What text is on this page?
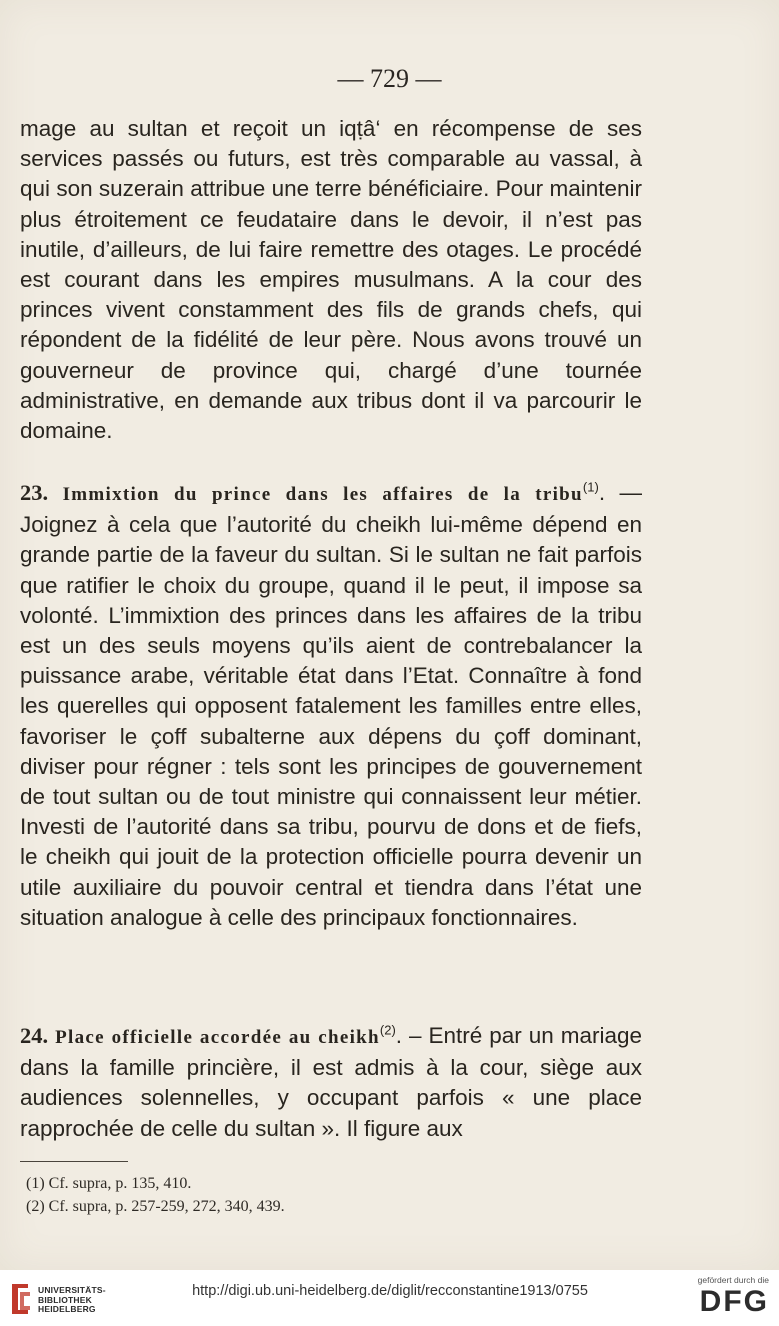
— 729 —

mage au sultan et reçoit un iqṭâ‘ en récompense de ses services passés ou futurs, est très comparable au vassal, à qui son suzerain attribue une terre bénéficiaire. Pour maintenir plus étroitement ce feudataire dans le devoir, il n’est pas inutile, d’ailleurs, de lui faire remettre des otages. Le procédé est courant dans les empires musulmans. A la cour des princes vivent constamment des fils de grands chefs, qui répondent de la fidélité de leur père. Nous avons trouvé un gouverneur de province qui, chargé d’une tournée administrative, en demande aux tribus dont il va parcourir le domaine.

23. Immixtion du prince dans les affaires de la tribu$^{(1)}$. — Joignez à cela que l’autorité du cheikh lui-même dépend en grande partie de la faveur du sultan. Si le sultan ne fait parfois que ratifier le choix du groupe, quand il le peut, il impose sa volonté. L’immixtion des princes dans les affaires de la tribu est un des seuls moyens qu’ils aient de contrebalancer la puissance arabe, véritable état dans l’Etat. Connaître à fond les querelles qui opposent fatalement les familles entre elles, favoriser le çoff subalterne aux dépens du çoff dominant, diviser pour régner : tels sont les principes de gouvernement de tout sultan ou de tout ministre qui connaissent leur métier. Investi de l’autorité dans sa tribu, pourvu de dons et de fiefs, le cheikh qui jouit de la protection officielle pourra devenir un utile auxiliaire du pouvoir central et tiendra dans l’état une situation analogue à celle des principaux fonctionnaires.

24. Place officielle accordée au cheikh$^{(2)}$. – Entré par un mariage dans la famille princière, il est admis à la cour, siège aux audiences solennelles, y occupant parfois « une place rapprochée de celle du sultan ». Il figure aux

(1) Cf. supra, p. 135, 410.
(2) Cf. supra, p. 257-259, 272, 340, 439.
UNIVERSITÄTS-
BIBLIOTHEK
HEIDELBERG
http://digi.ub.uni-heidelberg.de/diglit/recconstantine1913/0755
gefördert durch die
DFG
